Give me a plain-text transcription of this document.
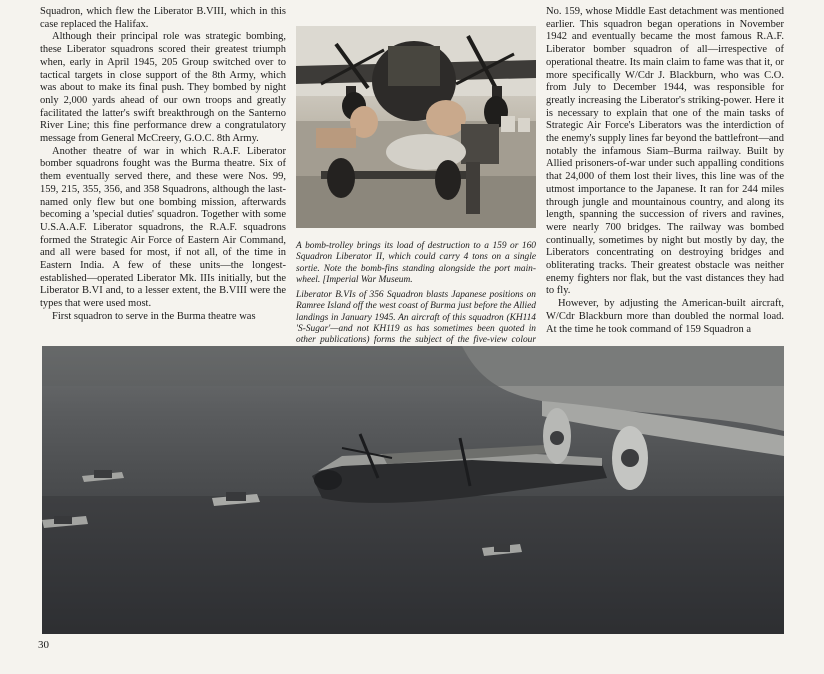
Squadron, which flew the Liberator B.VIII, which in this case replaced the Halifax.

Although their principal role was strategic bombing, these Liberator squadrons scored their greatest triumph when, early in April 1945, 205 Group switched over to tactical targets in close support of the 8th Army, which was about to make its final push. They bombed by night only 2,000 yards ahead of our own troops and greatly facilitated the latter's swift breakthrough on the Santerno River Line; this fine performance drew a congratulatory message from General McCreery, G.O.C. 8th Army.

Another theatre of war in which R.A.F. Liberator bomber squadrons fought was the Burma theatre. Six of them eventually served there, and these were Nos. 99, 159, 215, 355, 356, and 358 Squadrons, although the last-named only flew but one bombing mission, afterwards becoming a 'special duties' squadron. Together with some U.S.A.A.F. Liberator squadrons, the R.A.F. squadrons formed the Strategic Air Force of Eastern Air Command, and all were based for most, if not all, of the time in Eastern India. A few of these units—the longest-established—operated Liberator Mk. IIIs initially, but the Liberator B.VI and, to a lesser extent, the B.VIII were the types that were used most.

First squadron to serve in the Burma theatre was

A bomb-trolley brings its load of destruction to a 159 or 160 Squadron Liberator II, which could carry 4 tons on a single sortie. Note the bomb-fins standing alongside the port main-wheel. [Imperial War Museum.

Liberator B.VIs of 356 Squadron blasts Japanese positions on Ramree Island off the west coast of Burma just before the Allied landings in January 1945. An aircraft of this squadron (KH114 'S-Sugar'—and not KH119 as has sometimes been quoted in other publications) forms the subject of the five-view colour

No. 159, whose Middle East detachment was mentioned earlier. This squadron began operations in November 1942 and eventually became the most famous R.A.F. Liberator bomber squadron of all—irrespective of operational theatre. Its main claim to fame was that it, or more specifically W/Cdr J. Blackburn, who was C.O. from July to December 1944, was responsible for greatly increasing the Liberator's striking-power. Here it is necessary to explain that one of the main tasks of Strategic Air Force's Liberators was the interdiction of the enemy's supply lines far beyond the battlefront—and notably the infamous Siam–Burma railway. Built by Allied prisoners-of-war under such appalling conditions that 24,000 of them lost their lives, this line was of the utmost importance to the Japanese. It ran for 244 miles through jungle and mountainous country, and along its length, spanning the succession of rivers and ravines, were nearly 700 bridges. The railway was bombed continually, sometimes by night but mostly by day, the Liberators concentrating on destroying bridges and obliterating tracks. Their greatest obstacle was neither enemy fighters nor flak, but the vast distances they had to fly.

However, by adjusting the American-built aircraft, W/Cdr Blackburn more than doubled the normal load. At the time he took command of 159 Squadron a

30
